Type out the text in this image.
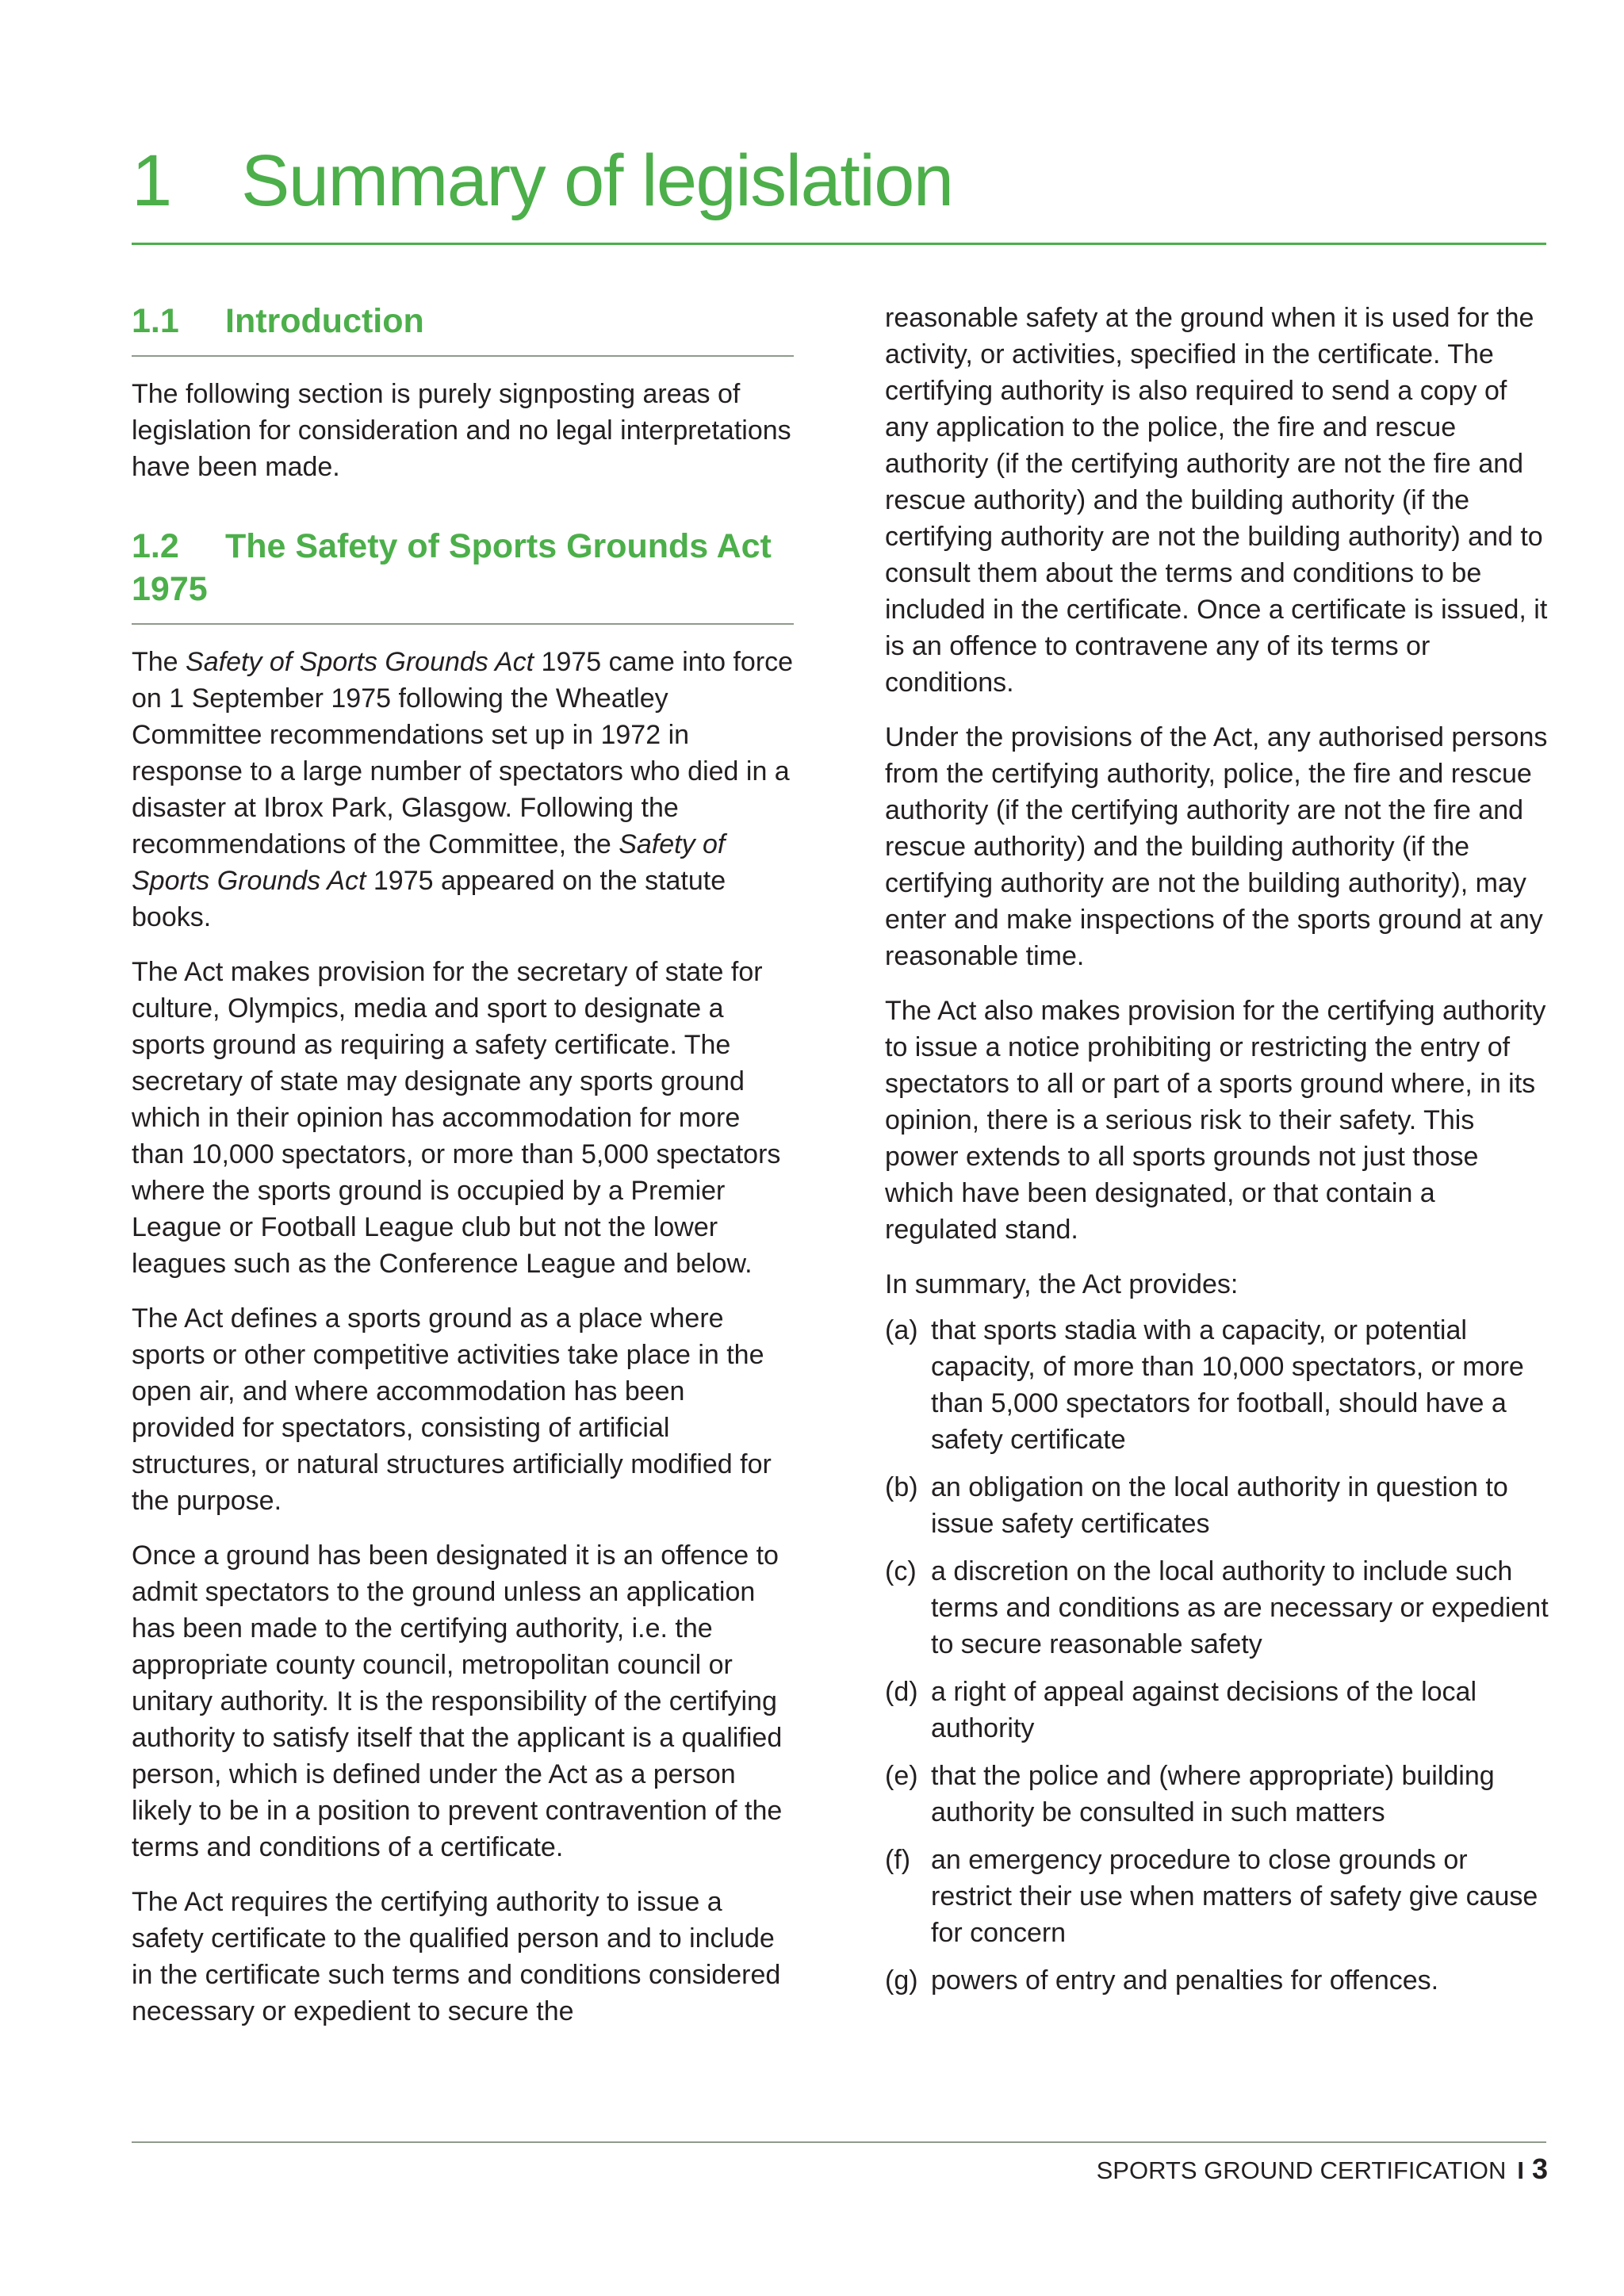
1 Summary of legislation
1.1 Introduction

The following section is purely signposting areas of legislation for consideration and no legal interpretations have been made.

1.2 The Safety of Sports Grounds Act 1975

The Safety of Sports Grounds Act 1975 came into force on 1 September 1975 following the Wheatley Committee recommendations set up in 1972 in response to a large number of spectators who died in a disaster at Ibrox Park, Glasgow. Following the recommendations of the Committee, the Safety of Sports Grounds Act 1975 appeared on the statute books.

The Act makes provision for the secretary of state for culture, Olympics, media and sport to designate a sports ground as requiring a safety certificate. The secretary of state may designate any sports ground which in their opinion has accommodation for more than 10,000 spectators, or more than 5,000 spectators where the sports ground is occupied by a Premier League or Football League club but not the lower leagues such as the Conference League and below.

The Act defines a sports ground as a place where sports or other competitive activities take place in the open air, and where accommodation has been provided for spectators, consisting of artificial structures, or natural structures artificially modified for the purpose.

Once a ground has been designated it is an offence to admit spectators to the ground unless an application has been made to the certifying authority, i.e. the appropriate county council, metropolitan council or unitary authority. It is the responsibility of the certifying authority to satisfy itself that the applicant is a qualified person, which is defined under the Act as a person likely to be in a position to prevent contravention of the terms and conditions of a certificate.

The Act requires the certifying authority to issue a safety certificate to the qualified person and to include in the certificate such terms and conditions considered necessary or expedient to secure the

reasonable safety at the ground when it is used for the activity, or activities, specified in the certificate. The certifying authority is also required to send a copy of any application to the police, the fire and rescue authority (if the certifying authority are not the fire and rescue authority) and the building authority (if the certifying authority are not the building authority) and to consult them about the terms and conditions to be included in the certificate. Once a certificate is issued, it is an offence to contravene any of its terms or conditions.

Under the provisions of the Act, any authorised persons from the certifying authority, police, the fire and rescue authority (if the certifying authority are not the fire and rescue authority) and the building authority (if the certifying authority are not the building authority), may enter and make inspections of the sports ground at any reasonable time.

The Act also makes provision for the certifying authority to issue a notice prohibiting or restricting the entry of spectators to all or part of a sports ground where, in its opinion, there is a serious risk to their safety. This power extends to all sports grounds not just those which have been designated, or that contain a regulated stand.

In summary, the Act provides:

(a) that sports stadia with a capacity, or potential capacity, of more than 10,000 spectators, or more than 5,000 spectators for football, should have a safety certificate
(b) an obligation on the local authority in question to issue safety certificates
(c) a discretion on the local authority to include such terms and conditions as are necessary or expedient to secure reasonable safety
(d) a right of appeal against decisions of the local authority
(e) that the police and (where appropriate) building authority be consulted in such matters
(f) an emergency procedure to close grounds or restrict their use when matters of safety give cause for concern
(g) powers of entry and penalties for offences.
SPORTS GROUND CERTIFICATION I 3
